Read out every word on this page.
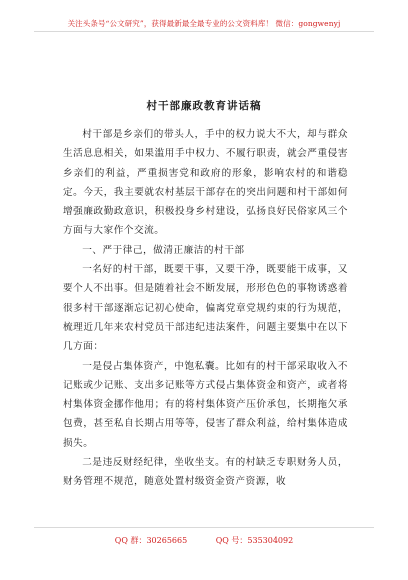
关注头条号“公文研究”，获得最新最全最专业的公文资料库！ 微信：gongwenyj
村干部廉政教育讲话稿

村干部是乡亲们的带头人，手中的权力说大不大，却与群众生活息息相关，如果滥用手中权力、不履行职责，就会严重侵害乡亲们的利益，严重损害党和政府的形象，影响农村的和谐稳定。今天，我主要就农村基层干部存在的突出问题和村干部如何增强廉政勤政意识，积极投身乡村建设，弘扬良好民俗家风三个方面与大家作个交流。

一、严于律己，做清正廉洁的村干部

一名好的村干部，既要干事，又要干净，既要能干成事，又要个人不出事。但是随着社会不断发展，形形色色的事物诱惑着很多村干部逐渐忘记初心使命，偏离党章党规约束的行为规范，梳理近几年来农村党员干部违纪违法案件，问题主要集中在以下几方面：

一是侵占集体资产，中饱私囊。比如有的村干部采取收入不记账或少记账、支出多记账等方式侵占集体资金和资产，或者将村集体资金挪作他用；有的将村集体资产压价承包，长期拖欠承包费，甚至私自长期占用等等，侵害了群众利益，给村集体造成损失。

二是违反财经纪律，坐收坐支。有的村缺乏专职财务人员，财务管理不规范，随意处置村级资金资产资源，收

QQ 群：30265665	QQ 号：535304092
